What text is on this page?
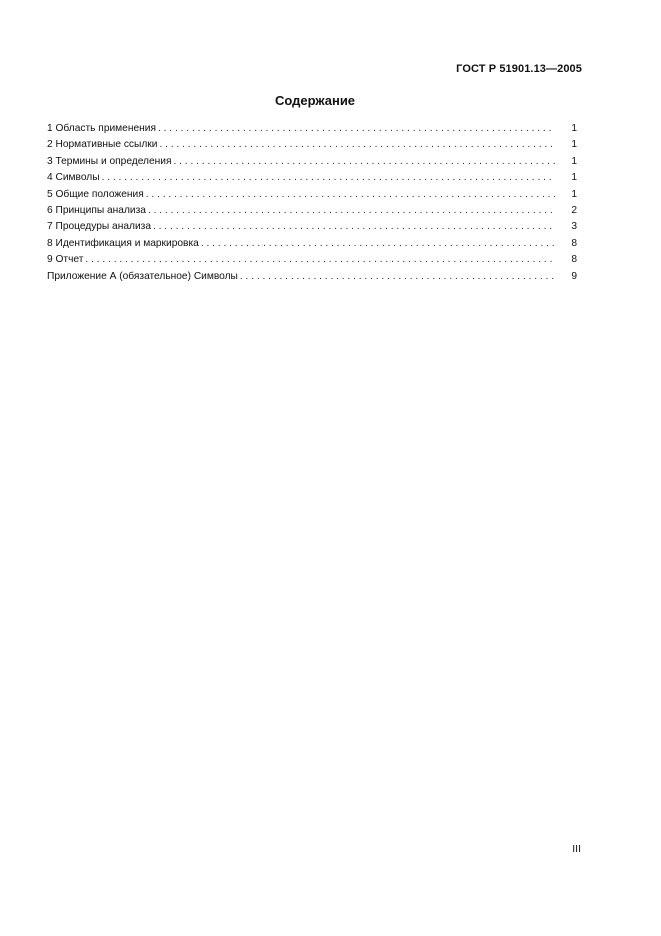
ГОСТ Р 51901.13—2005
Содержание
1 Область применения . . .	1
2 Нормативные ссылки . . .	1
3 Термины и определения . . .	1
4 Символы . . .	1
5 Общие положения . . .	1
6 Принципы анализа . . .	2
7 Процедуры анализа . . .	3
8 Идентификация и маркировка . . .	8
9 Отчет . . .	8
Приложение А (обязательное) Символы . . .	9
III
